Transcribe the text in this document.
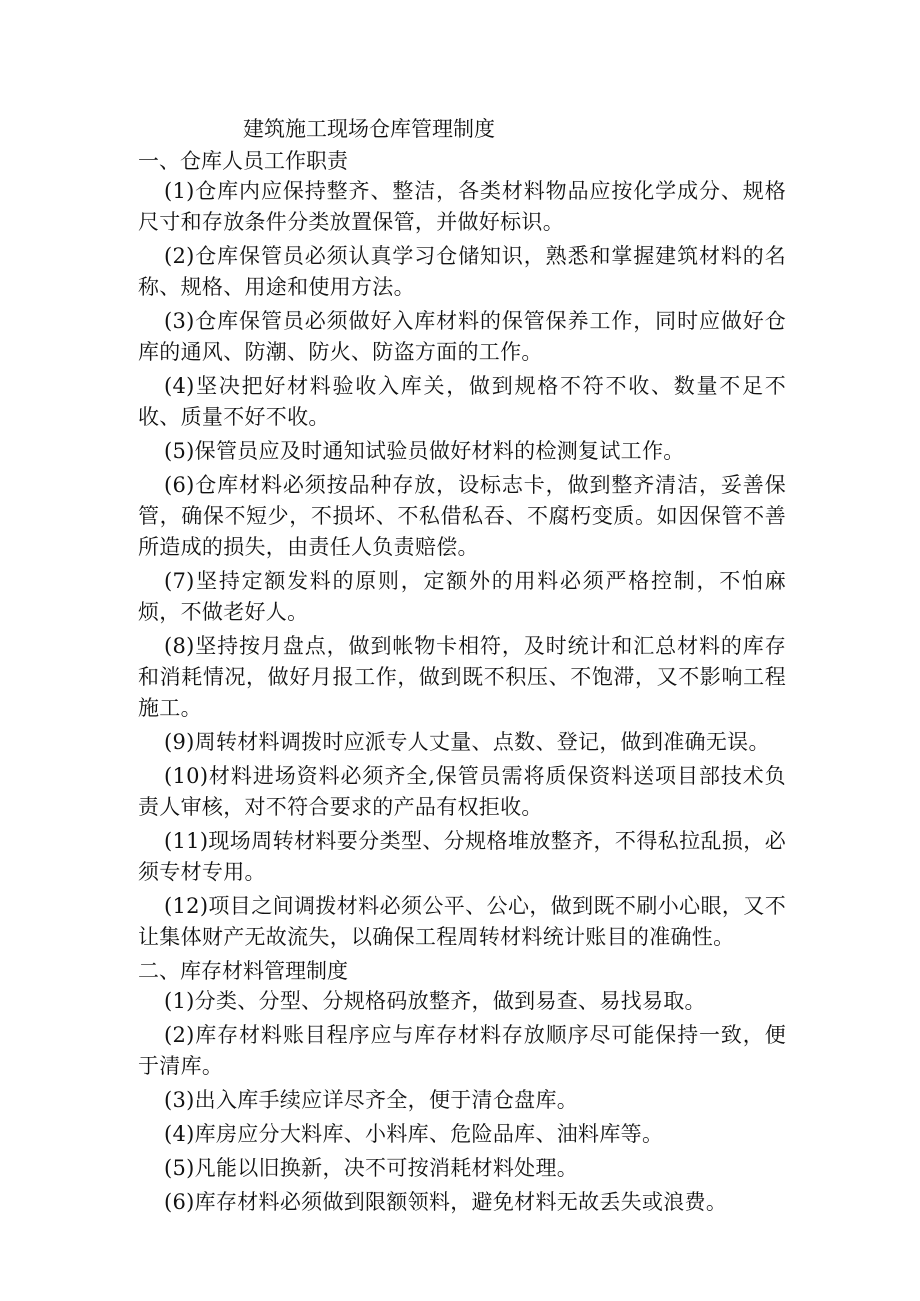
建筑施工现场仓库管理制度
一、仓库人员工作职责

(1)仓库内应保持整齐、整洁，各类材料物品应按化学成分、规格尺寸和存放条件分类放置保管，并做好标识。

(2)仓库保管员必须认真学习仓储知识，熟悉和掌握建筑材料的名称、规格、用途和使用方法。

(3)仓库保管员必须做好入库材料的保管保养工作，同时应做好仓库的通风、防潮、防火、防盗方面的工作。

(4)坚决把好材料验收入库关，做到规格不符不收、数量不足不收、质量不好不收。

(5)保管员应及时通知试验员做好材料的检测复试工作。

(6)仓库材料必须按品种存放，设标志卡，做到整齐清洁，妥善保管，确保不短少，不损坏、不私借私吞、不腐朽变质。如因保管不善所造成的损失，由责任人负责赔偿。

(7)坚持定额发料的原则，定额外的用料必须严格控制，不怕麻烦，不做老好人。

(8)坚持按月盘点，做到帐物卡相符，及时统计和汇总材料的库存和消耗情况，做好月报工作，做到既不积压、不饱滞，又不影响工程施工。

(9)周转材料调拨时应派专人丈量、点数、登记，做到准确无误。

(10)材料进场资料必须齐全,保管员需将质保资料送项目部技术负责人审核，对不符合要求的产品有权拒收。

(11)现场周转材料要分类型、分规格堆放整齐，不得私拉乱损，必须专材专用。

(12)项目之间调拨材料必须公平、公心，做到既不刷小心眼，又不让集体财产无故流失，以确保工程周转材料统计账目的准确性。

二、库存材料管理制度

(1)分类、分型、分规格码放整齐，做到易查、易找易取。

(2)库存材料账目程序应与库存材料存放顺序尽可能保持一致，便于清库。

(3)出入库手续应详尽齐全，便于清仓盘库。

(4)库房应分大料库、小料库、危险品库、油料库等。

(5)凡能以旧换新，决不可按消耗材料处理。

(6)库存材料必须做到限额领料，避免材料无故丢失或浪费。
